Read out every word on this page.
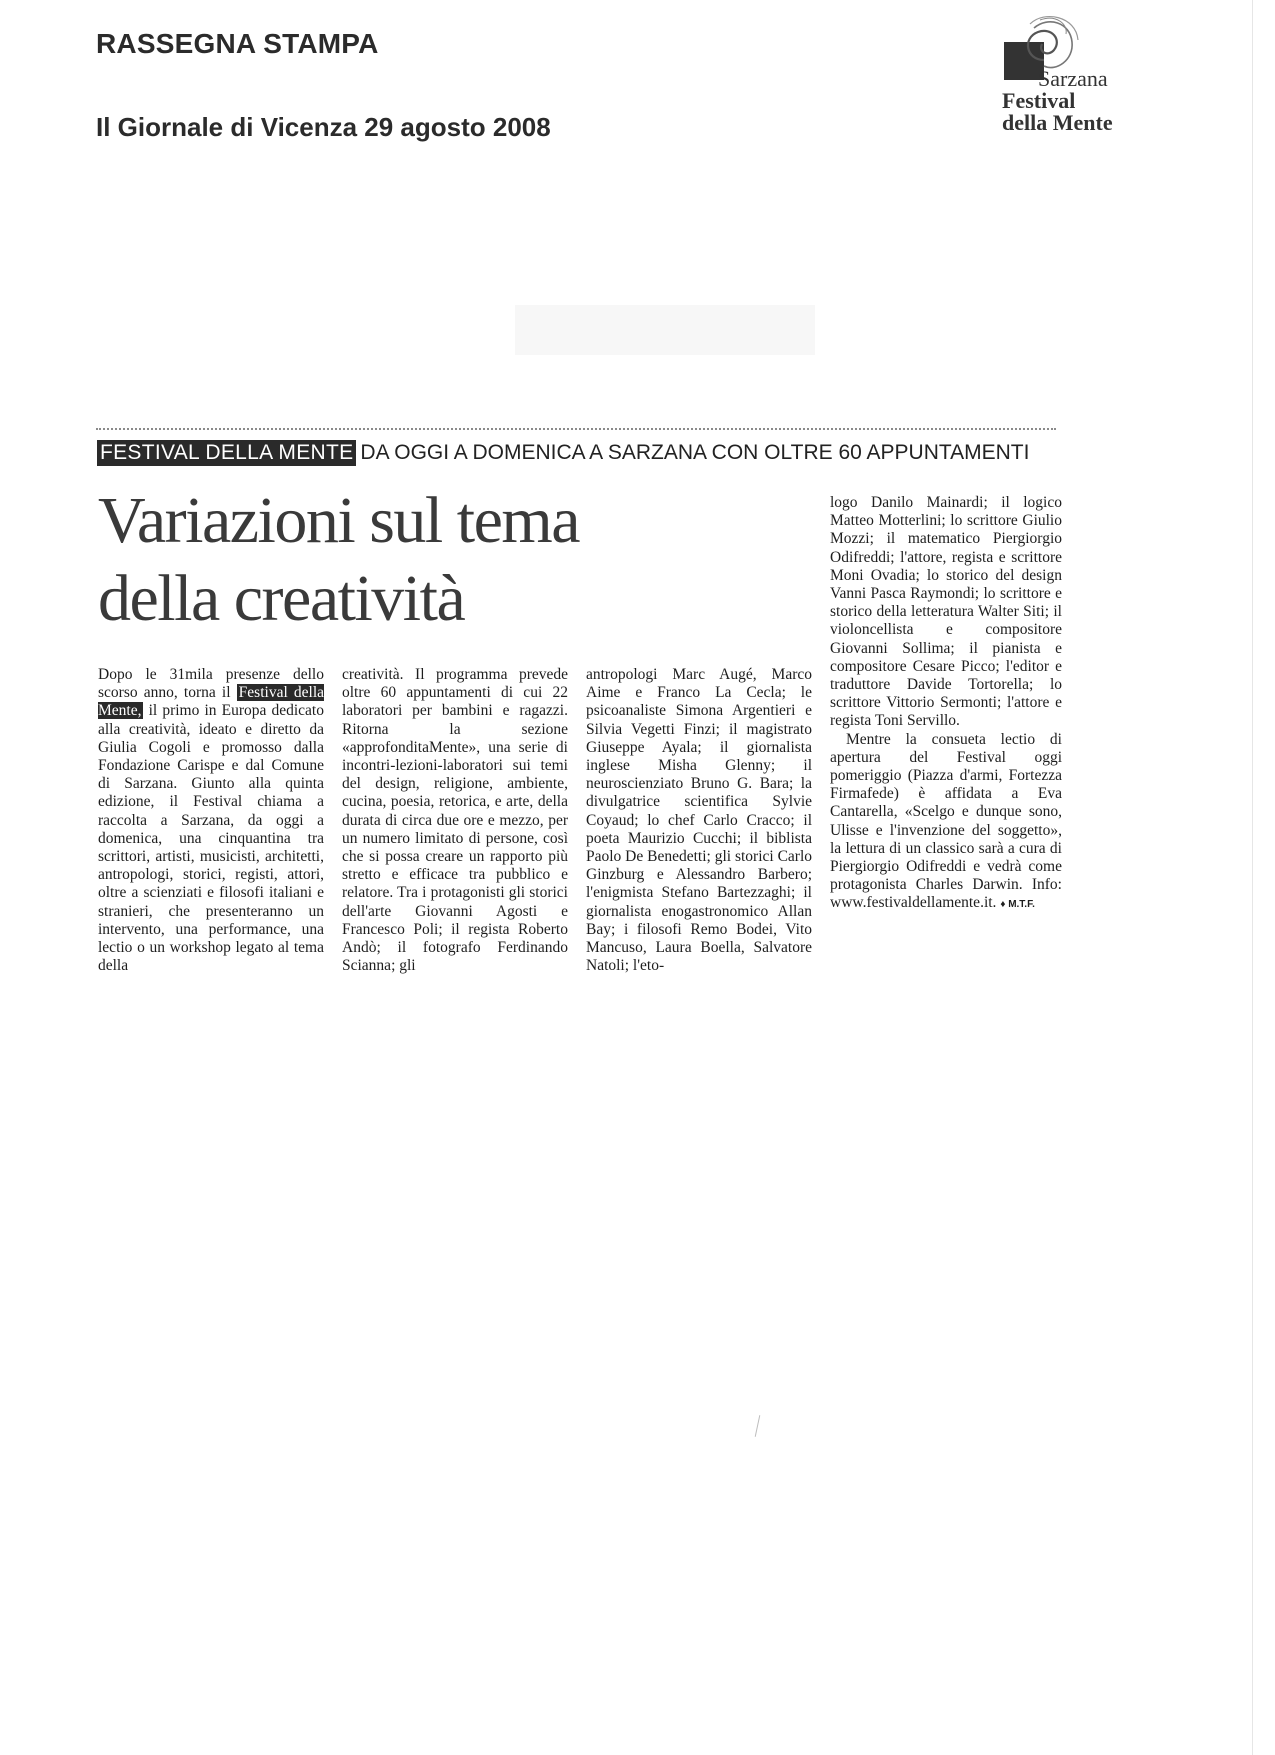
RASSEGNA STAMPA
Il Giornale di Vicenza 29 agosto 2008
Sarzana
Festival
della Mente
FESTIVAL DELLA MENTE DA OGGI A DOMENICA A SARZANA CON OLTRE 60 APPUNTAMENTI
Variazioni sul tema
della creatività

Dopo le 31mila presenze dello scorso anno, torna il Festival della Mente, il primo in Europa dedicato alla creatività, ideato e diretto da Giulia Cogoli e promosso dalla Fondazione Carispe e dal Comune di Sarzana. Giunto alla quinta edizione, il Festival chiama a raccolta a Sarzana, da oggi a domenica, una cinquantina tra scrittori, artisti, musicisti, architetti, antropologi, storici, registi, attori, oltre a scienziati e filosofi italiani e stranieri, che presenteranno un intervento, una performance, una lectio o un workshop legato al tema della

creatività. Il programma prevede oltre 60 appuntamenti di cui 22 laboratori per bambini e ragazzi. Ritorna la sezione «approfonditaMente», una serie di incontri-lezioni-laboratori sui temi del design, religione, ambiente, cucina, poesia, retorica, e arte, della durata di circa due ore e mezzo, per un numero limitato di persone, così che si possa creare un rapporto più stretto e efficace tra pubblico e relatore. Tra i protagonisti gli storici dell'arte Giovanni Agosti e Francesco Poli; il regista Roberto Andò; il fotografo Ferdinando Scianna; gli

antropologi Marc Augé, Marco Aime e Franco La Cecla; le psicoanaliste Simona Argentieri e Silvia Vegetti Finzi; il magistrato Giuseppe Ayala; il giornalista inglese Misha Glenny; il neuroscienziato Bruno G. Bara; la divulgatrice scientifica Sylvie Coyaud; lo chef Carlo Cracco; il poeta Maurizio Cucchi; il biblista Paolo De Benedetti; gli storici Carlo Ginzburg e Alessandro Barbero; l'enigmista Stefano Bartezzaghi; il giornalista enogastronomico Allan Bay; i filosofi Remo Bodei, Vito Mancuso, Laura Boella, Salvatore Natoli; l'eto-

logo Danilo Mainardi; il logico Matteo Motterlini; lo scrittore Giulio Mozzi; il matematico Piergiorgio Odifreddi; l'attore, regista e scrittore Moni Ovadia; lo storico del design Vanni Pasca Raymondi; lo scrittore e storico della letteratura Walter Siti; il violoncellista e compositore Giovanni Sollima; il pianista e compositore Cesare Picco; l'editor e traduttore Davide Tortorella; lo scrittore Vittorio Sermonti; l'attore e regista Toni Servillo.

Mentre la consueta lectio di apertura del Festival oggi pomeriggio (Piazza d'armi, Fortezza Firmafede) è affidata a Eva Cantarella, «Scelgo e dunque sono, Ulisse e l'invenzione del soggetto», la lettura di un classico sarà a cura di Piergiorgio Odifreddi e vedrà come protagonista Charles Darwin. Info: www.festivaldellamente.it. ♦ M.T.F.
